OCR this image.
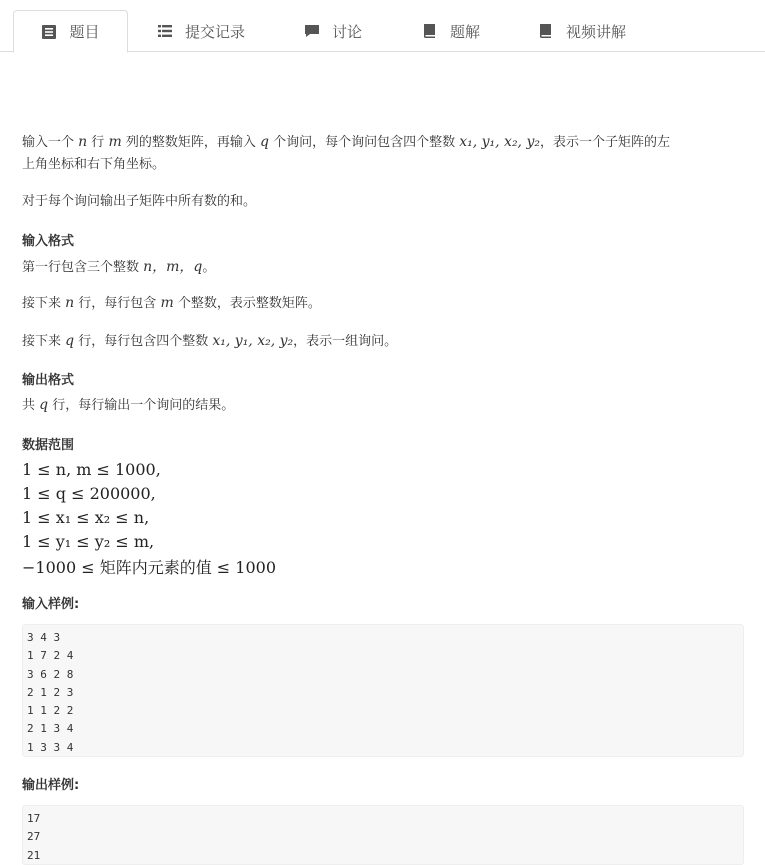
题目	提交记录	讨论	题解	视频讲解
输入一个 n 行 m 列的整数矩阵，再输入 q 个询问，每个询问包含四个整数 x₁, y₁, x₂, y₂，表示一个子矩阵的左
上角坐标和右下角坐标。
对于每个询问输出子矩阵中所有数的和。
输入格式
第一行包含三个整数 n，m，q。
接下来 n 行，每行包含 m 个整数，表示整数矩阵。
接下来 q 行，每行包含四个整数 x₁, y₁, x₂, y₂，表示一组询问。
输出格式
共 q 行，每行输出一个询问的结果。
数据范围
1 ≤ n, m ≤ 1000,
1 ≤ q ≤ 200000,
1 ≤ x₁ ≤ x₂ ≤ n,
1 ≤ y₁ ≤ y₂ ≤ m,
−1000 ≤ 矩阵内元素的值 ≤ 1000
输入样例:
3 4 3
1 7 2 4
3 6 2 8
2 1 2 3
1 1 2 2
2 1 3 4
1 3 3 4
输出样例:
17
27
21
